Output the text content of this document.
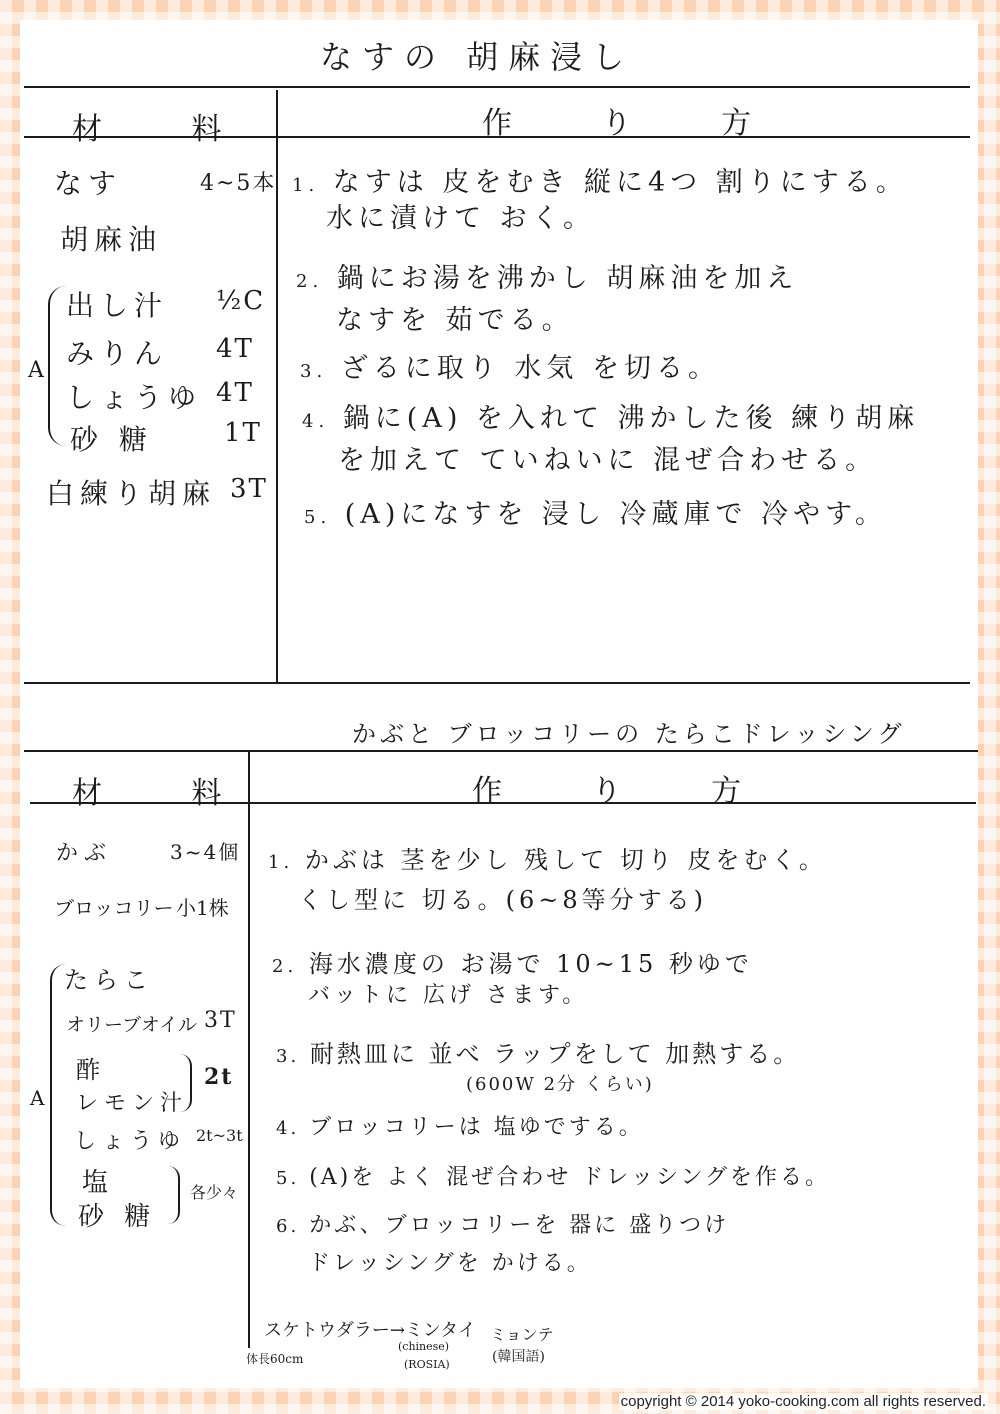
なすの 胡麻浸し
材 料	作 り 方
なす	4~5本
胡麻油
A
出し汁 ½C
みりん 4T
しょうゆ 4T
砂 糖	1T
白練り胡麻 3T
1. なすは 皮をむき 縦に4つ 割りにする。
水に漬けて おく。
2. 鍋にお湯を沸かし 胡麻油を加え
なすを 茹でる。
3. ざるに取り 水気 を切る。
4. 鍋に(A) を入れて 沸かした後 練り胡麻
を加えて ていねいに 混ぜ合わせる。
5. (A)になすを 浸し 冷蔵庫で 冷やす。
かぶと ブロッコリーの たらこドレッシング
材 料	作 り 方
かぶ	3~4個
ブロッコリー 小1株
A
たらこ
オリーブオイル 3T
酢
レモン汁
2t
しょうゆ 2t~3t
塩
砂 糖
各少々
1. かぶは 茎を少し 残して 切り 皮をむく。
くし型に 切る。(6~8等分する)
2. 海水濃度の お湯で 10~15 秒ゆで
バットに 広げ さます。
3. 耐熱皿に 並べ ラップをして 加熱する。
(600W 2分 くらい)
4. ブロッコリーは 塩ゆでする。
5. (A)を よく 混ぜ合わせ ドレッシングを作る。
6. かぶ、ブロッコリーを 器に 盛りつけ
ドレッシングを かける。
スケトウダラー→ミンタイ ミョンテ
体長60cm
(chinese)
(ROSIA)	(韓国語)
copyright © 2014 yoko-cooking.com all rights reserved.
